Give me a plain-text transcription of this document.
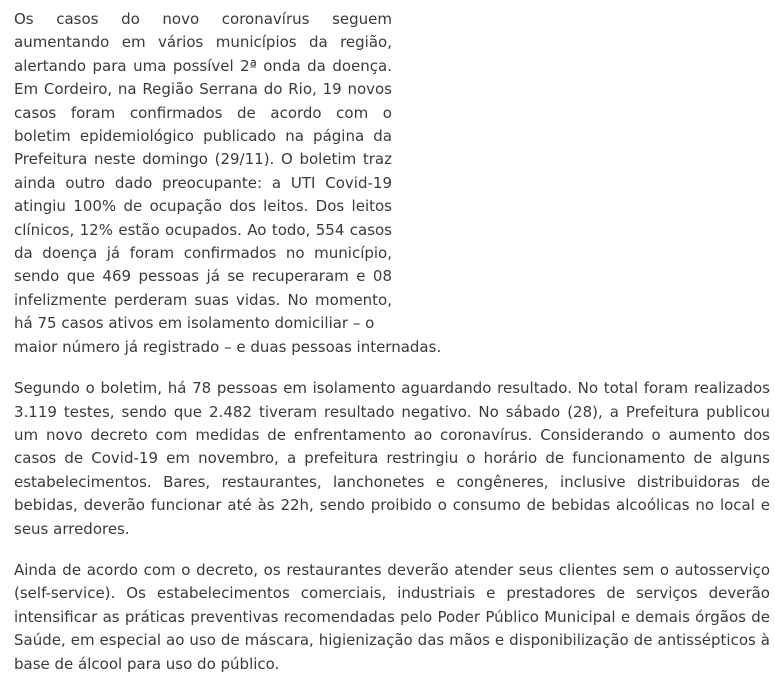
Os casos do novo coronavírus seguem aumentando em vários municípios da região, alertando para uma possível 2ª onda da doença. Em Cordeiro, na Região Serrana do Rio, 19 novos casos foram confirmados de acordo com o boletim epidemiológico publicado na página da Prefeitura neste domingo (29/11). O boletim traz ainda outro dado preocupante: a UTI Covid-19 atingiu 100% de ocupação dos leitos. Dos leitos clínicos, 12% estão ocupados. Ao todo, 554 casos da doença já foram confirmados no município, sendo que 469 pessoas já se recuperaram e 08 infelizmente perderam suas vidas. No momento, há 75 casos ativos em isolamento domiciliar – o

maior número já registrado – e duas pessoas internadas.

Segundo o boletim, há 78 pessoas em isolamento aguardando resultado. No total foram realizados 3.119 testes, sendo que 2.482 tiveram resultado negativo. No sábado (28), a Prefeitura publicou um novo decreto com medidas de enfrentamento ao coronavírus. Considerando o aumento dos casos de Covid-19 em novembro, a prefeitura restringiu o horário de funcionamento de alguns estabelecimentos. Bares, restaurantes, lanchonetes e congêneres, inclusive distribuidoras de bebidas, deverão funcionar até às 22h, sendo proibido o consumo de bebidas alcoólicas no local e seus arredores.

Ainda de acordo com o decreto, os restaurantes deverão atender seus clientes sem o autosserviço (self-service). Os estabelecimentos comerciais, industriais e prestadores de serviços deverão intensificar as práticas preventivas recomendadas pelo Poder Público Municipal e demais órgãos de Saúde, em especial ao uso de máscara, higienização das mãos e disponibilização de antissépticos à base de álcool para uso do público.
